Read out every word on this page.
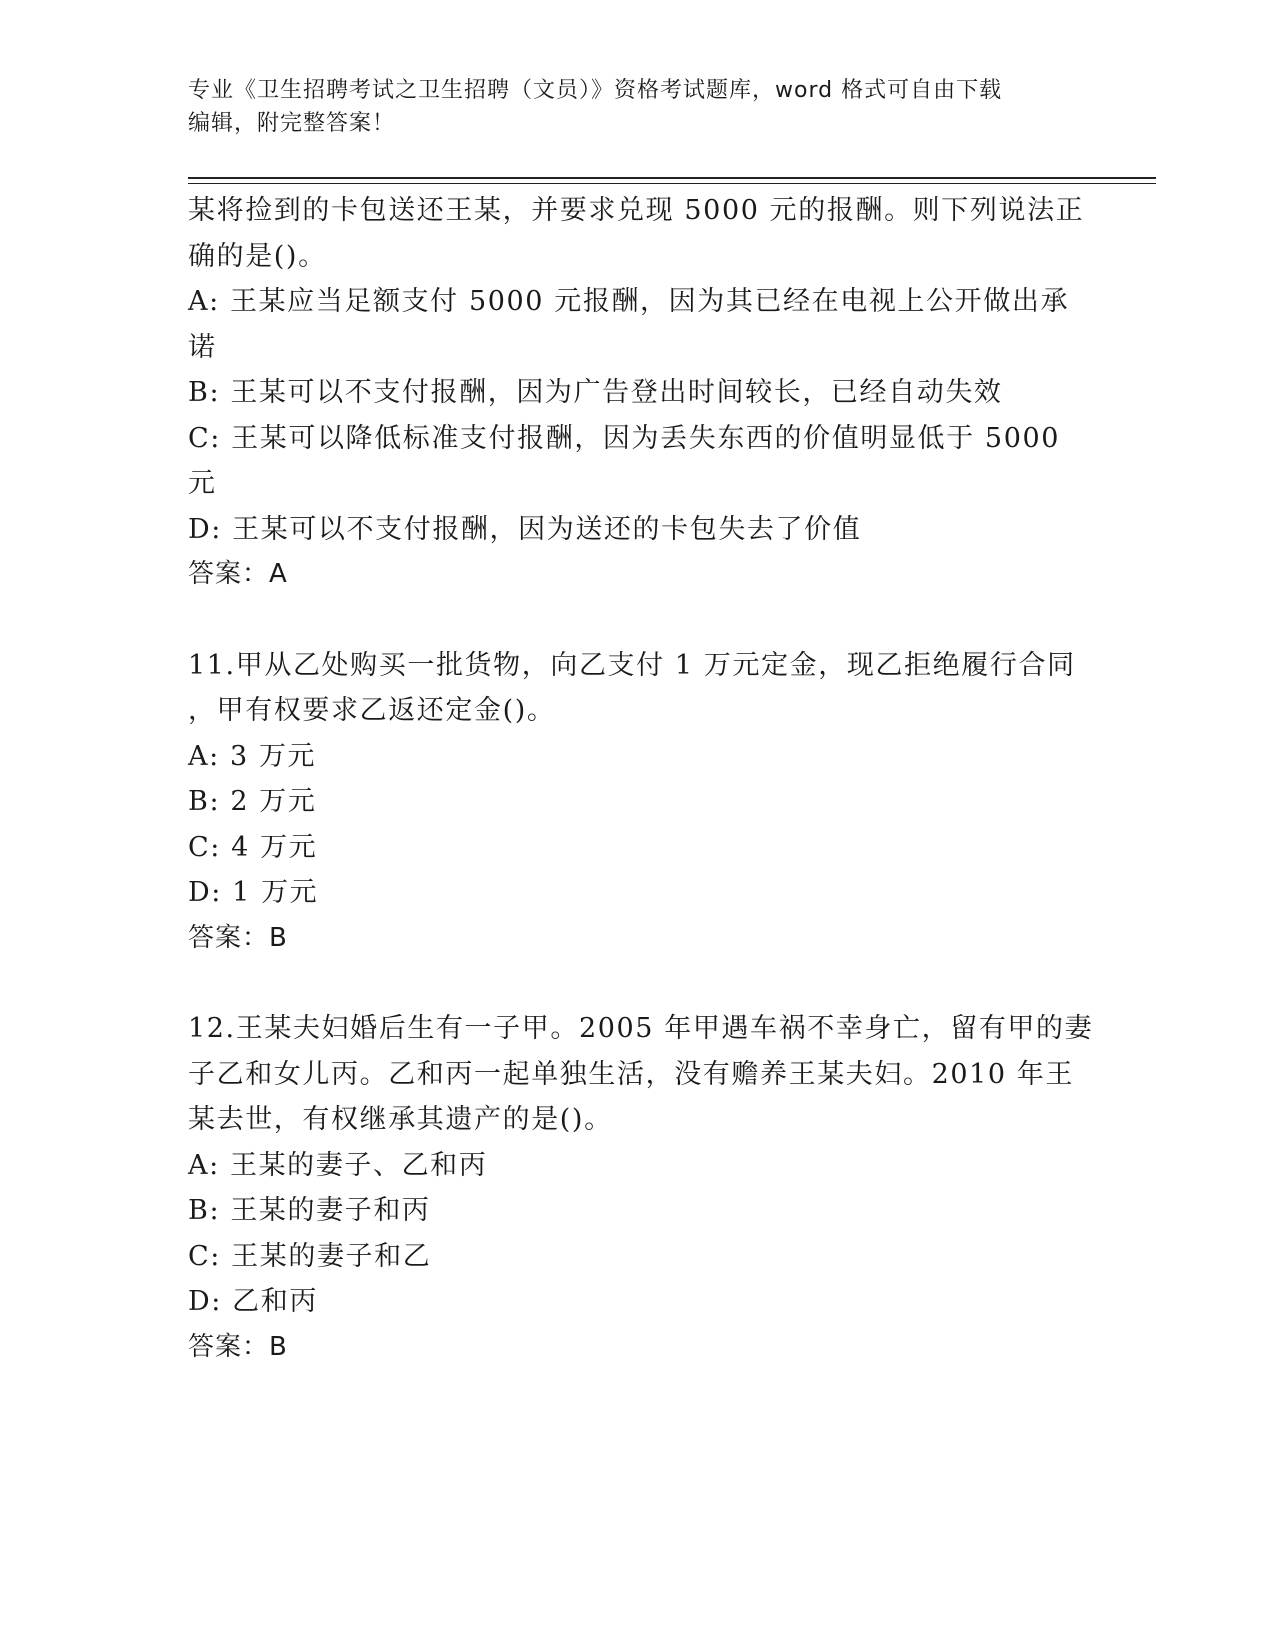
专业《卫生招聘考试之卫生招聘（文员）》资格考试题库，word 格式可自由下载
编辑，附完整答案！
某将捡到的卡包送还王某，并要求兑现 5000 元的报酬。则下列说法正
确的是()。
A: 王某应当足额支付 5000 元报酬，因为其已经在电视上公开做出承
诺
B: 王某可以不支付报酬，因为广告登出时间较长，已经自动失效
C: 王某可以降低标准支付报酬，因为丢失东西的价值明显低于 5000
元
D: 王某可以不支付报酬，因为送还的卡包失去了价值
答案：A
11.甲从乙处购买一批货物，向乙支付 1 万元定金，现乙拒绝履行合同
，甲有权要求乙返还定金()。
A: 3 万元
B: 2 万元
C: 4 万元
D: 1 万元
答案：B
12.王某夫妇婚后生有一子甲。2005 年甲遇车祸不幸身亡，留有甲的妻
子乙和女儿丙。乙和丙一起单独生活，没有赡养王某夫妇。2010 年王
某去世，有权继承其遗产的是()。
A: 王某的妻子、乙和丙
B: 王某的妻子和丙
C: 王某的妻子和乙
D: 乙和丙
答案：B
